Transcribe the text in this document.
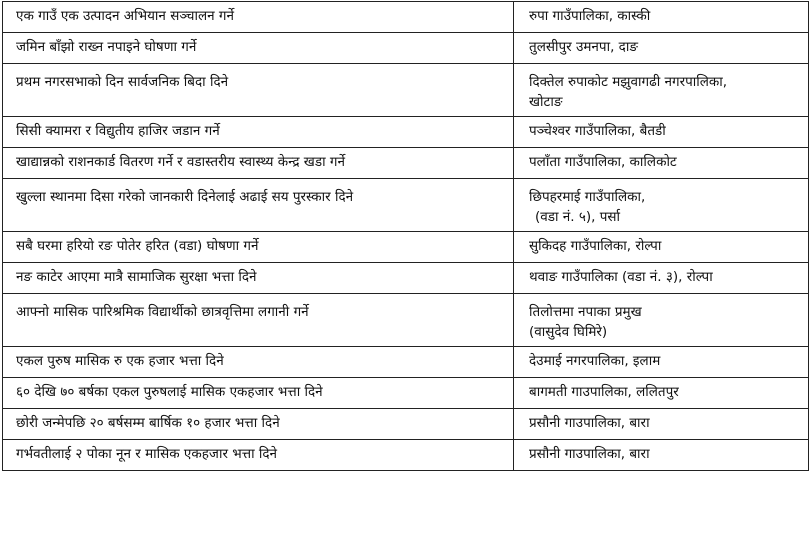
एक गाउँ एक उत्पादन अभियान सञ्चालन गर्ने	रुपा गाउँपालिका, कास्की

जमिन बाँझो राख्न नपाइने घोषणा गर्ने	तुलसीपुर उमनपा, दाङ

प्रथम नगरसभाको दिन सार्वजनिक बिदा दिने	दिक्तेल रुपाकोट मझुवागढी नगरपालिका,
खोटाङ

सिसी क्यामरा र विद्युतीय हाजिर जडान गर्ने	पञ्चेश्वर गाउँपालिका, बैतडी

खाद्यान्नको राशनकार्ड वितरण गर्ने र वडास्तरीय स्वास्थ्य केन्द्र खडा गर्ने	पलाँता गाउँपालिका, कालिकोट

खुल्ला स्थानमा दिसा गरेको जानकारी दिनेलाई अढाई सय पुरस्कार दिने	छिपहरमाई गाउँपालिका,
(वडा नं. ५), पर्सा

सबै घरमा हरियो रङ पोतेर हरित (वडा) घोषणा गर्ने	सुकिदह गाउँपालिका, रोल्पा

नङ काटेर आएमा मात्रै सामाजिक सुरक्षा भत्ता दिने	थवाङ गाउँपालिका (वडा नं. ३), रोल्पा

आफ्नो मासिक पारिश्रमिक विद्यार्थीको छात्रवृत्तिमा लगानी गर्ने	तिलोत्तमा नपाका प्रमुख
(वासुदेव घिमिरे)

एकल पुरुष मासिक रु एक हजार भत्ता दिने	देउमाई नगरपालिका, इलाम

६० देखि ७० बर्षका एकल पुरुषलाई मासिक एकहजार भत्ता दिने	बागमती गाउपालिका, ललितपुर

छोरी जन्मेपछि २० बर्षसम्म बार्षिक १० हजार भत्ता दिने	प्रसौनी गाउपालिका, बारा

गर्भवतीलाई २ पोका नून र मासिक एकहजार भत्ता दिने	प्रसौनी गाउपालिका, बारा
